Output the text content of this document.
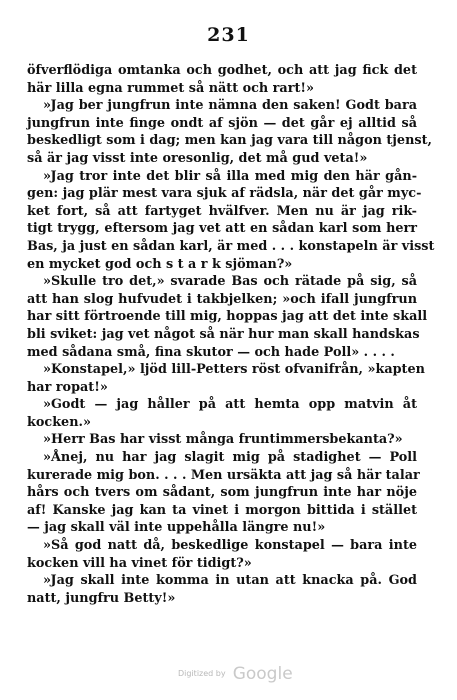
231
öfverflödiga omtanka och godhet, och att jag fick det
här lilla egna rummet så nätt och rart!»
»Jag ber jungfrun inte nämna den saken! Godt bara
jungfrun inte finge ondt af sjön — det går ej alltid så
beskedligt som i dag; men kan jag vara till någon tjenst,
så är jag visst inte oresonlig, det må gud veta!»
»Jag tror inte det blir så illa med mig den här gån-
gen: jag plär mest vara sjuk af rädsla, när det går myc-
ket fort, så att fartyget hvälfver. Men nu är jag rik-
tigt trygg, eftersom jag vet att en sådan karl som herr
Bas, ja just en sådan karl, är med . . . konstapeln är visst
en mycket god och s t a r k sjöman?»
»Skulle tro det,» svarade Bas och rätade på sig, så
att han slog hufvudet i takbjelken; »och ifall jungfrun
har sitt förtroende till mig, hoppas jag att det inte skall
bli sviket: jag vet något så när hur man skall handskas
med sådana små, fina skutor — och hade Poll» . . . .
»Konstapel,» ljöd lill-Petters röst ofvanifrån, »kapten
har ropat!»
»Godt — jag håller på att hemta opp matvin åt
kocken.»
»Herr Bas har visst många fruntimmersbekanta?»
»Ånej, nu har jag slagit mig på stadighet — Poll
kurerade mig bon. . . . Men ursäkta att jag så här talar
hårs och tvers om sådant, som jungfrun inte har nöje
af! Kanske jag kan ta vinet i morgon bittida i stället
— jag skall väl inte uppehålla längre nu!»
»Så god natt då, beskedlige konstapel — bara inte
kocken vill ha vinet för tidigt?»
»Jag skall inte komma in utan att knacka på. God
natt, jungfru Betty!»
Digitized by Google
